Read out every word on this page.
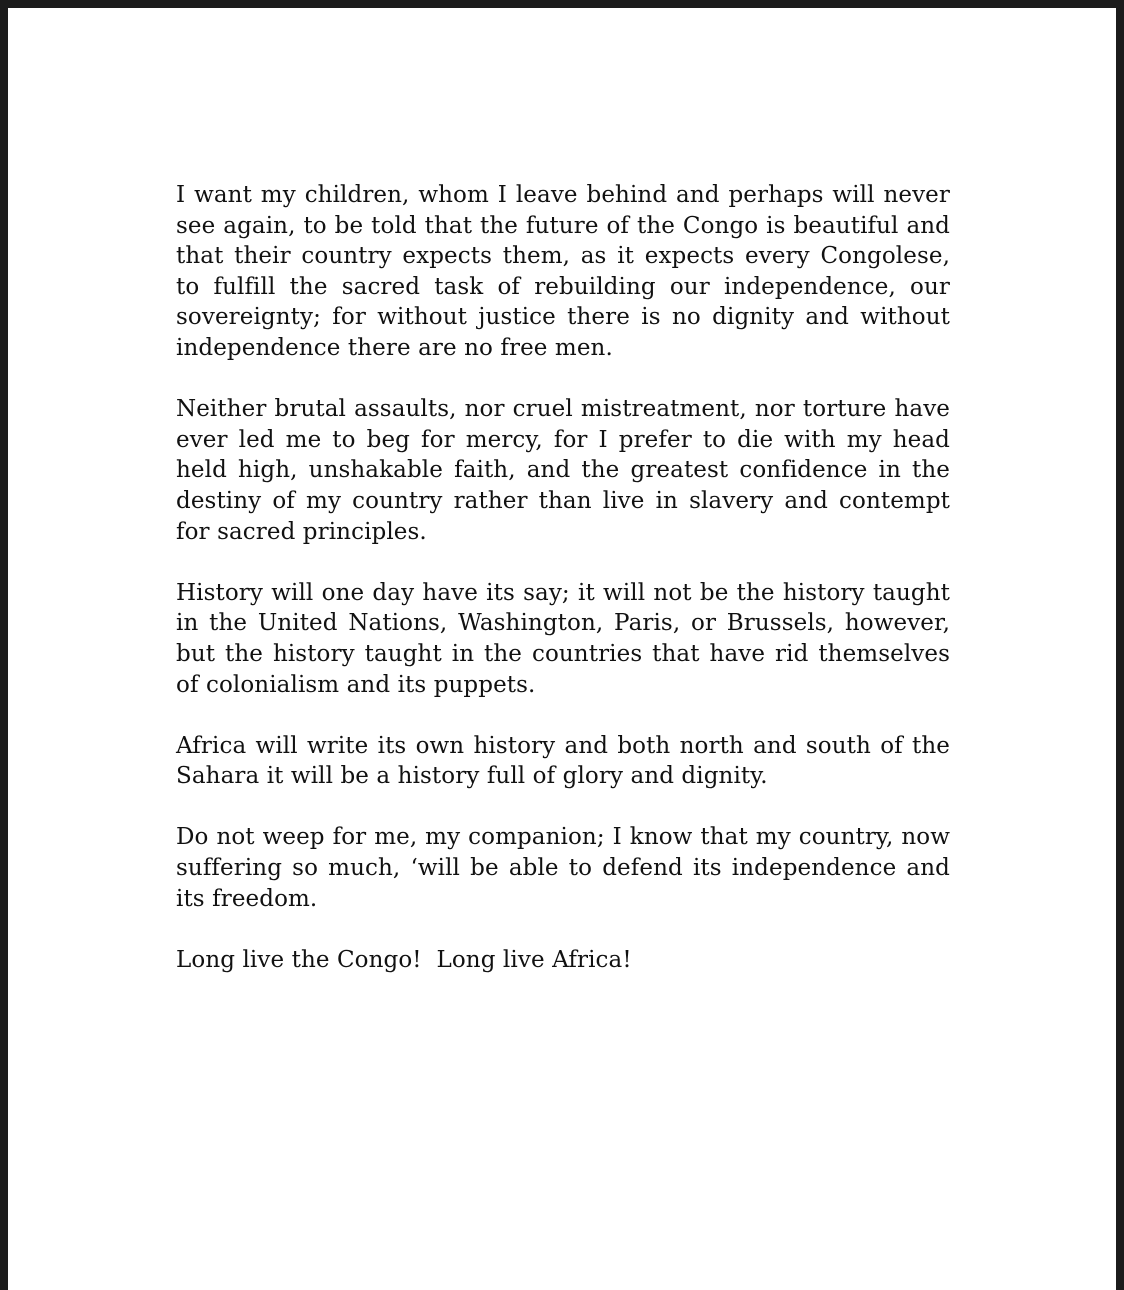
I want my children, whom I leave behind and perhaps will never see again, to be told that the future of the Congo is beautiful and that their country expects them, as it expects every Congolese, to fulfill the sacred task of rebuilding our independence, our sovereignty; for without justice there is no dignity and without independence there are no free men.

Neither brutal assaults, nor cruel mistreatment, nor torture have ever led me to beg for mercy, for I prefer to die with my head held high, unshakable faith, and the greatest confidence in the destiny of my country rather than live in slavery and contempt for sacred principles.

History will one day have its say; it will not be the history taught in the United Nations, Washington, Paris, or Brussels, however, but the history taught in the countries that have rid themselves of colonialism and its puppets.

Africa will write its own history and both north and south of the Sahara it will be a history full of glory and dignity.

Do not weep for me, my companion; I know that my country, now suffering so much, ‘will be able to defend its independence and its freedom.

Long live the Congo!  Long live Africa!
